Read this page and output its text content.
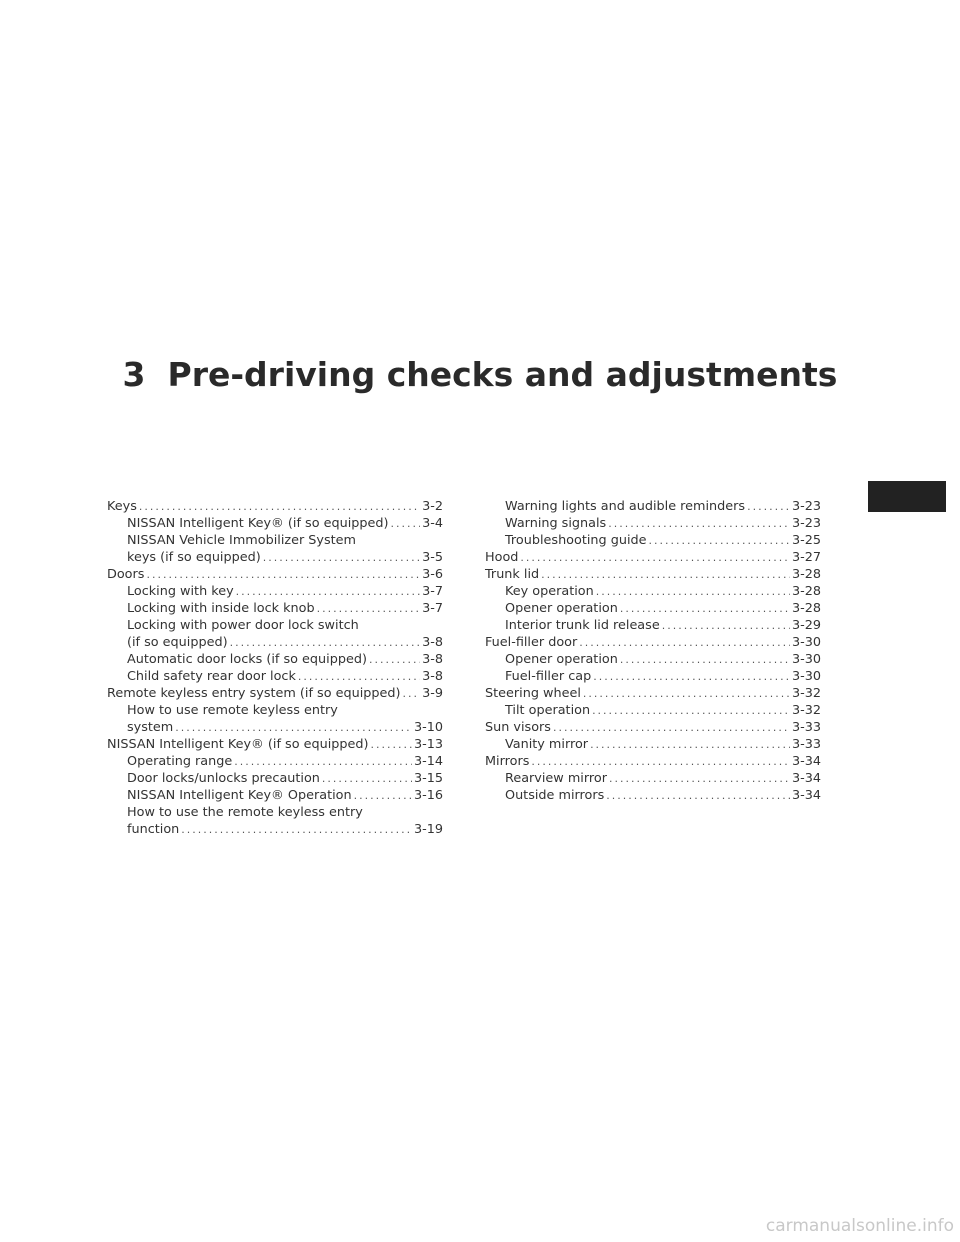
3 Pre-driving checks and adjustments
Keys .....	3-2
NISSAN Intelligent Key® (if so equipped) .....	3-4
NISSAN Vehicle Immobilizer System
keys (if so equipped) .....	3-5
Doors .....	3-6
Locking with key .....	3-7
Locking with inside lock knob .....	3-7
Locking with power door lock switch
(if so equipped) .....	3-8
Automatic door locks (if so equipped) .....	3-8
Child safety rear door lock .....	3-8
Remote keyless entry system (if so equipped) ..... 3-9
How to use remote keyless entry
system .....	3-10
NISSAN Intelligent Key® (if so equipped) .....	3-13
Operating range .....	3-14
Door locks/unlocks precaution .....	3-15
NISSAN Intelligent Key® Operation .....	3-16
How to use the remote keyless entry
function .....	3-19
Warning lights and audible reminders .....	3-23
Warning signals .....	3-23
Troubleshooting guide .....	3-25
Hood .....	3-27
Trunk lid .....	3-28
Key operation .....	3-28
Opener operation .....	3-28
Interior trunk lid release .....	3-29
Fuel-filler door .....	3-30
Opener operation .....	3-30
Fuel-filler cap .....	3-30
Steering wheel .....	3-32
Tilt operation .....	3-32
Sun visors .....	3-33
Vanity mirror .....	3-33
Mirrors .....	3-34
Rearview mirror .....	3-34
Outside mirrors .....	3-34
carmanualsonline.info
